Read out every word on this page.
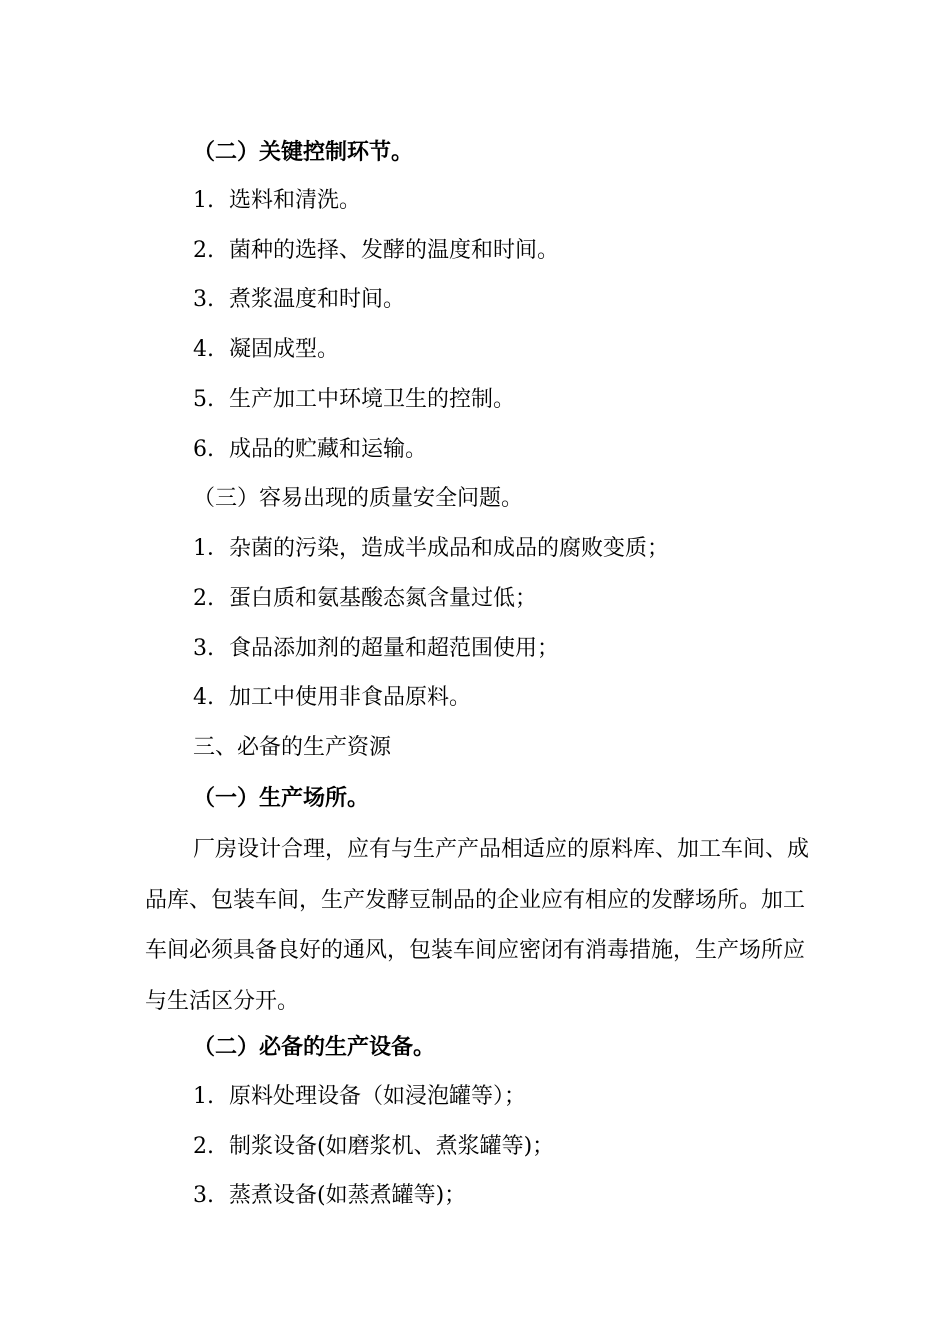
（二）关键控制环节。
1. 选料和清洗。
2. 菌种的选择、发酵的温度和时间。
3. 煮浆温度和时间。
4. 凝固成型。
5. 生产加工中环境卫生的控制。
6. 成品的贮藏和运输。
（三）容易出现的质量安全问题。
1．杂菌的污染，造成半成品和成品的腐败变质；
2. 蛋白质和氨基酸态氮含量过低；
3. 食品添加剂的超量和超范围使用；
4. 加工中使用非食品原料。
三、必备的生产资源
（一）生产场所。
厂房设计合理，应有与生产产品相适应的原料库、加工车间、成品库、包装车间，生产发酵豆制品的企业应有相应的发酵场所。加工车间必须具备良好的通风，包装车间应密闭有消毒措施，生产场所应与生活区分开。
（二）必备的生产设备。
1. 原料处理设备（如浸泡罐等）；
2. 制浆设备(如磨浆机、煮浆罐等)；
3. 蒸煮设备(如蒸煮罐等)；
